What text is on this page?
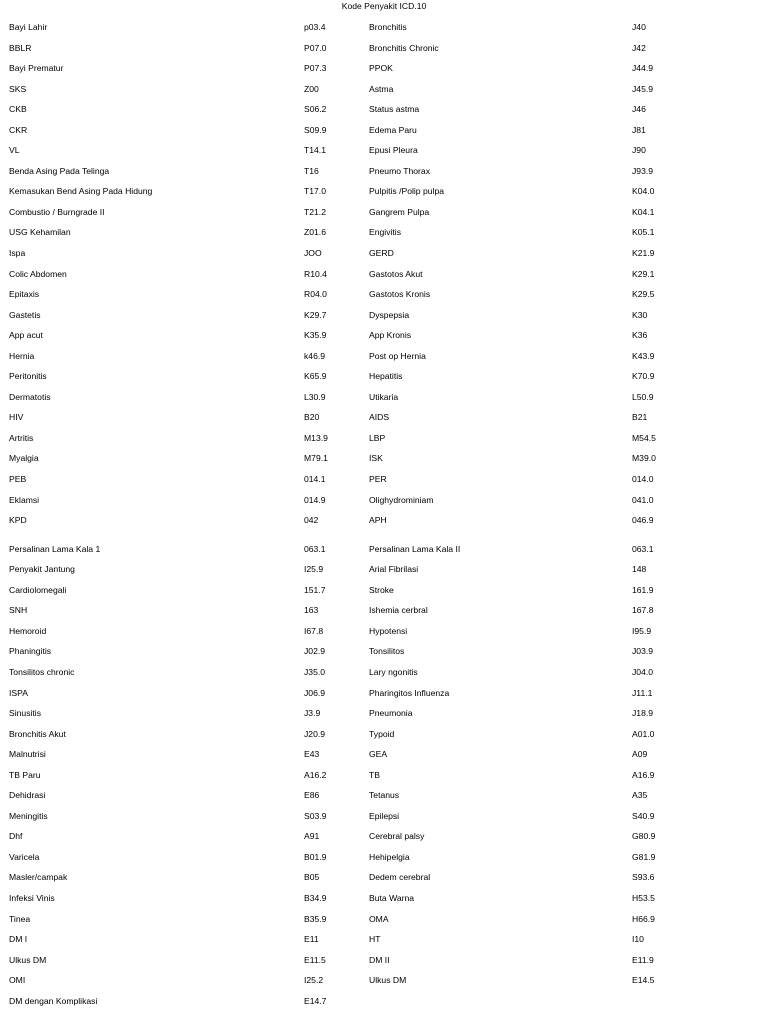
Kode Penyakit ICD.10
Bayi Lahir	p03.4	Bronchitis	J40
BBLR	P07.0	Bronchitis Chronic	J42
Bayi Prematur	P07.3	PPOK	J44.9
SKS	Z00	Astma	J45.9
CKB	S06.2	Status astma	J46
CKR	S09.9	Edema Paru	J81
VL	T14.1	Epusi Pleura	J90
Benda Asing Pada Telinga	T16	Pneumo Thorax	J93.9
Kemasukan Bend Asing Pada Hidung	T17.0	Pulpitis /Polip pulpa	K04.0
Combustio / Burngrade II	T21.2	Gangrem Pulpa	K04.1
USG Kehamilan	Z01.6	Engivitis	K05.1
Ispa	JOO	GERD	K21.9
Colic Abdomen	R10.4	Gastotos Akut	K29.1
Epitaxis	R04.0	Gastotos Kronis	K29.5
Gastetis	K29.7	Dyspepsia	K30
App acut	K35.9	App Kronis	K36
Hernia	k46.9	Post op Hernia	K43.9
Peritonitis	K65.9	Hepatitis	K70.9
Dermatotis	L30.9	Utikaria	L50.9
HIV	B20	AIDS	B21
Artritis	M13.9	LBP	M54.5
Myalgia	M79.1	ISK	M39.0
PEB	014.1	PER	014.0
Eklamsi	014.9	Olighydrominiam	041.0
KPD	042	APH	046.9
Persalinan Lama Kala 1	063.1	Persalinan Lama Kala II	063.1
Penyakit Jantung	I25.9	Arial Fibrilasi	148
Cardiolomegali	151.7	Stroke	161.9
SNH	163	Ishemia cerbral	167.8
Hemoroid	I67.8	Hypotensi	I95.9
Phaningitis	J02.9	Tonsilitos	J03.9
Tonsilitos chronic	J35.0	Lary ngonitis	J04.0
ISPA	J06.9	Pharingitos Influenza	J11.1
Sinusitis	J3.9	Pneumonia	J18.9
Bronchitis Akut	J20.9	Typoid	A01.0
Malnutrisi	E43	GEA	A09
TB Paru	A16.2	TB	A16.9
Dehidrasi	E86	Tetanus	A35
Meningitis	S03.9	Epilepsi	S40.9
Dhf	A91	Cerebral palsy	G80.9
Varicela	B01.9	Hehipelgia	G81.9
Masler/campak	B05	Dedem cerebral	S93.6
Infeksi Vinis	B34.9	Buta Warna	H53.5
Tinea	B35.9	OMA	H66.9
DM I	E11	HT	I10
Ulkus DM	E11.5	DM II	E11.9
OMI	I25.2	Ulkus DM	E14.5
DM dengan Komplikasi	E14.7
